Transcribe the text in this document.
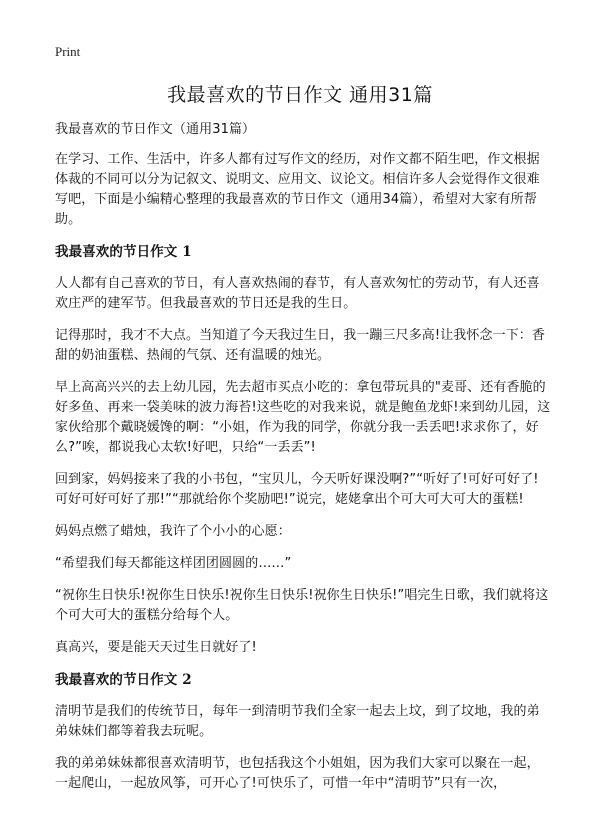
Print
我最喜欢的节日作文 通用31篇

我最喜欢的节日作文（通用31篇）

在学习、工作、生活中，许多人都有过写作文的经历，对作文都不陌生吧，作文根据体裁的不同可以分为记叙文、说明文、应用文、议论文。相信许多人会觉得作文很难写吧，下面是小编精心整理的我最喜欢的节日作文（通用34篇），希望对大家有所帮助。

我最喜欢的节日作文 1

人人都有自己喜欢的节日，有人喜欢热闹的春节，有人喜欢匆忙的劳动节，有人还喜欢庄严的建军节。但我最喜欢的节日还是我的生日。

记得那时，我才不大点。当知道了今天我过生日，我一蹦三尺多高!让我怀念一下：香甜的奶油蛋糕、热闹的气氛、还有温暖的烛光。

早上高高兴兴的去上幼儿园，先去超市买点小吃的：拿包带玩具的"麦哥、还有香脆的好多鱼、再来一袋美味的波力海苔!这些吃的对我来说，就是鲍鱼龙虾!来到幼儿园，这家伙给那个戴晓媛馋的啊：“小姐，作为我的同学，你就分我一丢丢吧!求求你了，好么?”唉，都说我心太软!好吧，只给“一丢丢”!

回到家，妈妈接来了我的小书包，“宝贝儿，今天听好课没啊?”“听好了!可好可好了!可好可好可好了那!”“那就给你个奖励吧!”说完，姥姥拿出个可大可大可大的蛋糕!

妈妈点燃了蜡烛，我许了个小小的心愿：

“希望我们每天都能这样团团圆圆的……”

“祝你生日快乐!祝你生日快乐!祝你生日快乐!祝你生日快乐!”唱完生日歌，我们就将这个可大可大的蛋糕分给每个人。

真高兴，要是能天天过生日就好了!

我最喜欢的节日作文 2

清明节是我们的传统节日，每年一到清明节我们全家一起去上坟，到了坟地，我的弟弟妹妹们都等着我去玩呢。

我的弟弟妹妹都很喜欢清明节，也包括我这个小姐姐，因为我们大家可以聚在一起，一起爬山，一起放风筝，可开心了!可快乐了，可惜一年中“清明节”只有一次，
